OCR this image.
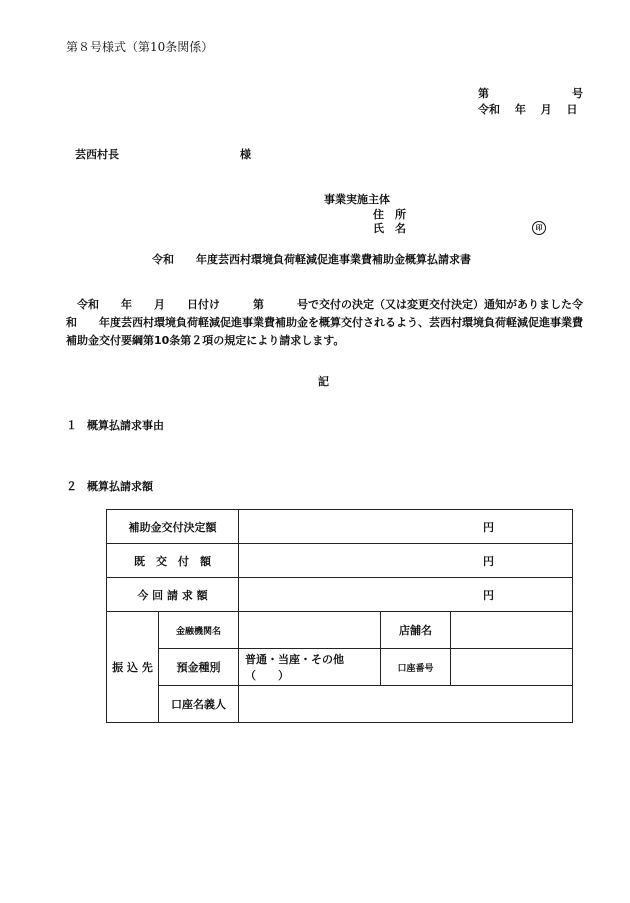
第８号様式（第10条関係）
第	号
令和　 年　 月　 日
芸西村長	様
事業実施主体
住　所
氏　名	印
令和　　年度芸西村環境負荷軽減促進事業費補助金概算払請求書
令和　　年　　月　　日付け　　　第　　　号で交付の決定（又は変更交付決定）通知がありました令和　　年度芸西村環境負荷軽減促進事業費補助金を概算交付されるよう、芸西村環境負荷軽減促進事業費補助金交付要綱第10条第２項の規定により請求します。
記
１ 概算払請求事由
２ 概算払請求額
補助金交付決定額		円		
既　交　付　額		円		
今 回 請 求 額		円		
振 込 先	金融機関名		店舗名	
	預金種別	普通・当座・その他（　　）	口座番号	
	口座名義人			
